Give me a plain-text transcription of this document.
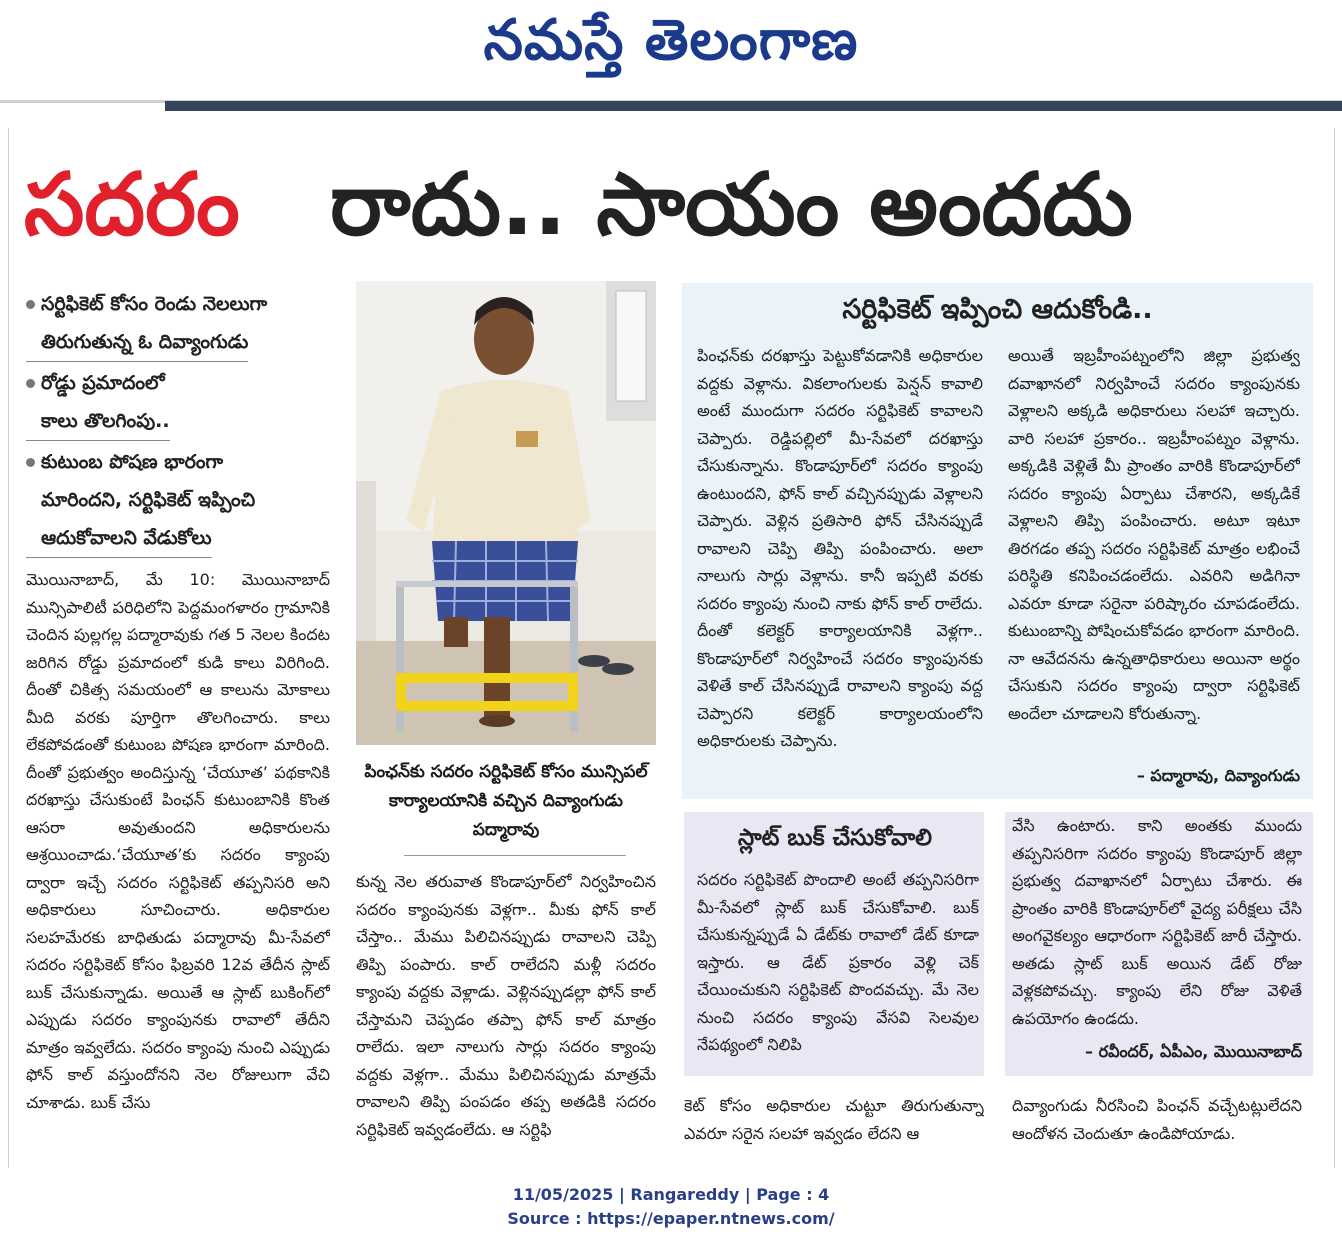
నమస్తే తెలంగాణ
సదరం రాదు.. సాయం అందదు
సర్టిఫికెట్ కోసం రెండు నెలలుగా
తిరుగుతున్న ఓ దివ్యాంగుడు
రోడ్డు ప్రమాదంలో
కాలు తొలగింపు..
కుటుంబ పోషణ భారంగా
మారిందని, సర్టిఫికెట్ ఇప్పించి
ఆదుకోవాలని వేడుకోలు

మొయినాబాద్, మే 10: మొయినాబాద్ మున్సిపాలిటీ పరిధిలోని పెద్దమంగళారం గ్రామానికి చెందిన పుల్లగల్ల పద్మారావుకు గత 5 నెలల కిందట జరిగిన రోడ్డు ప్రమాదంలో కుడి కాలు విరిగింది. దీంతో చికిత్స సమయంలో ఆ కాలును మోకాలు మీది వరకు పూర్తిగా తొలగించారు. కాలు లేకపోవడంతో కుటుంబ పోషణ భారంగా మారింది. దీంతో ప్రభుత్వం అందిస్తున్న ‘చేయూత’ పథకానికి దరఖాస్తు చేసుకుంటే పింఛన్ కుటుంబానికి కొంత ఆసరా అవుతుందని అధికారులను ఆశ్రయించాడు.‘చేయూత’కు సదరం క్యాంపు ద్వారా ఇచ్చే సదరం సర్టిఫికెట్ తప్పనిసరి అని అధికారులు సూచించారు. అధికారుల సలహమేరకు బాధితుడు పద్మారావు మీ-సేవలో సదరం సర్టిఫికెట్ కోసం ఫిబ్రవరి 12వ తేదీన స్లాట్ బుక్ చేసుకున్నాడు. అయితే ఆ స్లాట్ బుకింగ్‌లో ఎప్పుడు సదరం క్యాంపునకు రావాలో తేదీని మాత్రం ఇవ్వలేదు. సదరం క్యాంపు నుంచి ఎప్పుడు ఫోన్ కాల్ వస్తుందోనని నెల రోజులుగా వేచి చూశాడు. బుక్ చేసు

పింఛన్‌కు సదరం సర్టిఫికెట్ కోసం మున్సిపల్ కార్యాలయానికి వచ్చిన దివ్యాంగుడు పద్మారావు

కున్న నెల తరువాత కొండాపూర్‌లో నిర్వహించిన సదరం క్యాంపునకు వెళ్లగా.. మీకు ఫోన్ కాల్ చేస్తాం.. మేము పిలిచినప్పుడు రావాలని చెప్పి తిప్పి పంపారు. కాల్ రాలేదని మళ్లీ సదరం క్యాంపు వద్దకు వెళ్లాడు. వెళ్లినప్పుడల్లా ఫోన్ కాల్ చేస్తామని చెప్పడం తప్పా ఫోన్ కాల్ మాత్రం రాలేదు. ఇలా నాలుగు సార్లు సదరం క్యాంపు వద్దకు వెళ్లగా.. మేము పిలిచినప్పుడు మాత్రమే రావాలని తిప్పి పంపడం తప్ప అతడికి సదరం సర్టిఫికెట్ ఇవ్వడంలేదు. ఆ సర్టిఫి

సర్టిఫికెట్ ఇప్పించి ఆదుకోండి..

పింఛన్‌కు దరఖాస్తు పెట్టుకోవడానికి అధికారుల వద్దకు వెళ్లాను. వికలాంగులకు పెన్షన్ కావాలి అంటే ముందుగా సదరం సర్టిఫికెట్ కావాలని చెప్పారు. రెడ్డిపల్లిలో మీ-సేవలో దరఖాస్తు చేసుకున్నాను. కొండాపూర్‌లో సదరం క్యాంపు ఉంటుందని, ఫోన్ కాల్ వచ్చినప్పుడు వెళ్లాలని చెప్పారు. వెళ్లిన ప్రతిసారి ఫోన్ చేసినప్పుడే రావాలని చెప్పి తిప్పి పంపించారు. అలా నాలుగు సార్లు వెళ్లాను. కానీ ఇప్పటి వరకు సదరం క్యాంపు నుంచి నాకు ఫోన్ కాల్ రాలేదు. దీంతో కలెక్టర్ కార్యాలయానికి వెళ్లగా.. కొండాపూర్‌లో నిర్వహించే సదరం క్యాంపునకు వెళితే కాల్ చేసినప్పుడే రావాలని క్యాంపు వద్ద చెప్పారని కలెక్టర్ కార్యాలయంలోని అధికారులకు చెప్పాను.

అయితే ఇబ్రహీంపట్నంలోని జిల్లా ప్రభుత్వ దవాఖానలో నిర్వహించే సదరం క్యాంపునకు వెళ్లాలని అక్కడి అధికారులు సలహా ఇచ్చారు. వారి సలహా ప్రకారం.. ఇబ్రహీంపట్నం వెళ్లాను. అక్కడికి వెళ్లితే మీ ప్రాంతం వారికి కొండాపూర్‌లో సదరం క్యాంపు ఏర్పాటు చేశారని, అక్కడికే వెళ్లాలని తిప్పి పంపించారు. అటూ ఇటూ తిరగడం తప్ప సదరం సర్టిఫికెట్ మాత్రం లభించే పరిస్థితి కనిపించడంలేదు. ఎవరిని అడిగినా ఎవరూ కూడా సరైనా పరిష్కారం చూపడంలేదు. కుటుంబాన్ని పోషించుకోవడం భారంగా మారింది. నా ఆవేదనను ఉన్నతాధికారులు అయినా అర్థం చేసుకుని సదరం క్యాంపు ద్వారా సర్టిఫికెట్ అందేలా చూడాలని కోరుతున్నా.

– పద్మారావు, దివ్యాంగుడు
స్లాట్ బుక్ చేసుకోవాలి

సదరం సర్టిఫికెట్ పొందాలి అంటే తప్పనిసరిగా మీ-సేవలో స్లాట్ బుక్ చేసుకోవాలి. బుక్ చేసుకున్నప్పుడే ఏ డేట్‌కు రావాలో డేట్ కూడా ఇస్తారు. ఆ డేట్ ప్రకారం వెళ్లి చెక్ చేయించుకుని సర్టిఫికెట్ పొందవచ్చు. మే నెల నుంచి సదరం క్యాంపు వేసవి సెలవుల నేపథ్యంలో నిలిపి

వేసి ఉంటారు. కాని అంతకు ముందు తప్పనిసరిగా సదరం క్యాంపు కొండాపూర్ జిల్లా ప్రభుత్వ దవాఖానలో ఏర్పాటు చేశారు. ఈ ప్రాంతం వారికి కొండాపూర్‌లో వైద్య పరీక్షలు చేసి అంగవైకల్యం ఆధారంగా సర్టిఫికెట్ జారీ చేస్తారు. అతడు స్లాట్ బుక్ అయిన డేట్ రోజు వెళ్లకపోవచ్చు. క్యాంపు లేని రోజు వెళితే ఉపయోగం ఉండదు.

– రవీందర్, ఏపీఎం, మొయినాబాద్

కెట్ కోసం అధికారుల చుట్టూ తిరుగుతున్నా ఎవరూ సరైన సలహా ఇవ్వడం లేదని ఆ

దివ్యాంగుడు నీరసించి పింఛన్ వచ్చేటట్లులేదని ఆందోళన చెందుతూ ఉండిపోయాడు.

11/05/2025 | Rangareddy | Page : 4
Source : https://epaper.ntnews.com/
